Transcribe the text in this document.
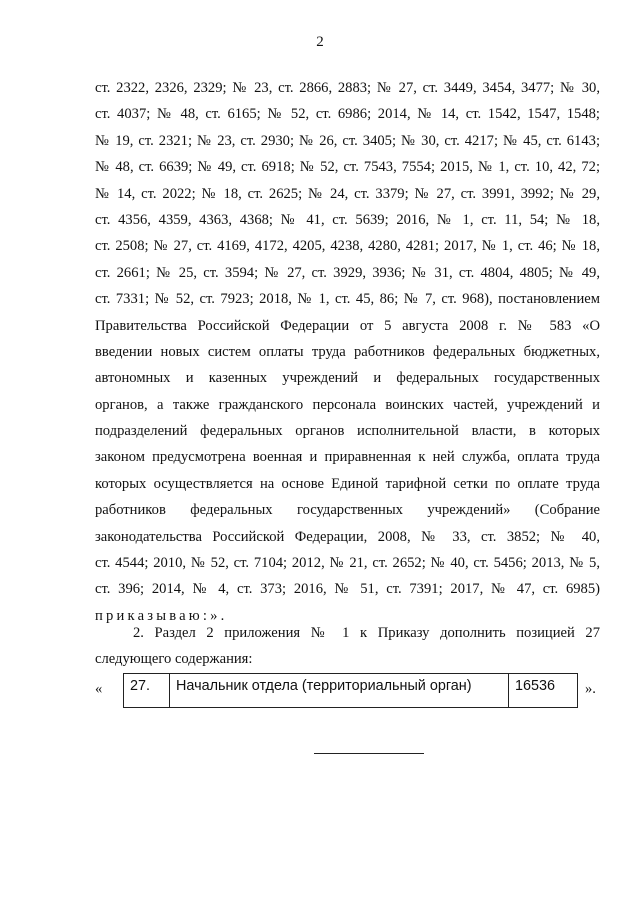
2
ст. 2322, 2326, 2329; № 23, ст. 2866, 2883; № 27, ст. 3449, 3454, 3477; № 30,
ст. 4037; № 48, ст. 6165; № 52, ст. 6986; 2014, № 14, ст. 1542, 1547, 1548;
№ 19, ст. 2321; № 23, ст. 2930; № 26, ст. 3405; № 30, ст. 4217; № 45, ст. 6143;
№ 48, ст. 6639; № 49, ст. 6918; № 52, ст. 7543, 7554; 2015, № 1, ст. 10, 42, 72;
№ 14, ст. 2022; № 18, ст. 2625; № 24, ст. 3379; № 27, ст. 3991, 3992; № 29,
ст. 4356, 4359, 4363, 4368; № 41, ст. 5639; 2016, № 1, ст. 11, 54; № 18,
ст. 2508; № 27, ст. 4169, 4172, 4205, 4238, 4280, 4281; 2017, № 1, ст. 46; № 18,
ст. 2661; № 25, ст. 3594; № 27, ст. 3929, 3936; № 31, ст. 4804, 4805; № 49,
ст. 7331; № 52, ст. 7923; 2018, № 1, ст. 45, 86; № 7, ст. 968), постановлением
Правительства Российской Федерации от 5 августа 2008 г. № 583 «О
введении новых систем оплаты труда работников федеральных бюджетных,
автономных и казенных учреждений и федеральных государственных
органов, а также гражданского персонала воинских частей, учреждений и
подразделений федеральных органов исполнительной власти, в которых
законом предусмотрена военная и приравненная к ней служба, оплата труда
которых осуществляется на основе Единой тарифной сетки по оплате труда
работников федеральных государственных учреждений» (Собрание
законодательства Российской Федерации, 2008, № 33, ст. 3852; № 40,
ст. 4544; 2010, № 52, ст. 7104; 2012, № 21, ст. 2652; № 40, ст. 5456; 2013, № 5,
ст. 396; 2014, № 4, ст. 373; 2016, № 51, ст. 7391; 2017, № 47, ст. 6985)
приказываю:».
2. Раздел 2 приложения № 1 к Приказу дополнить позицией 27
следующего содержания:
« 27.	Начальник отдела (территориальный орган)	16536 ».
